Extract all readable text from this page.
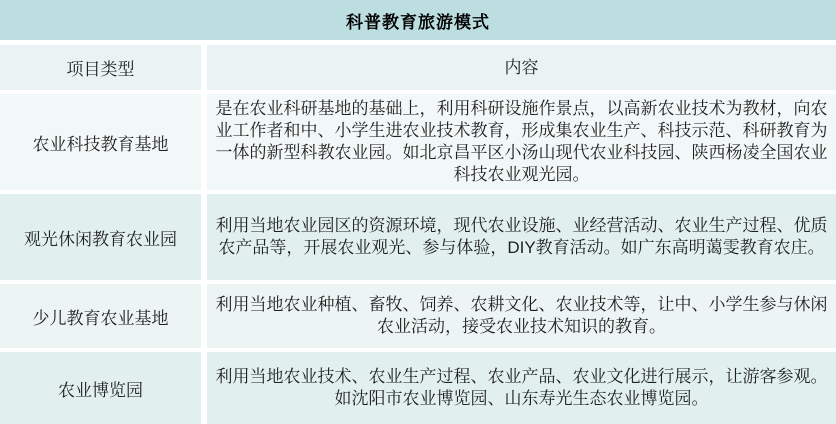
科普教育旅游模式
项目类型	内容
农业科技教育基地
是在农业科研基地的基础上，利用科研设施作景点，以高新农业技术为教材，向农业工作者和中、小学生进农业技术教育，形成集农业生产、科技示范、科研教育为一体的新型科教农业园。如北京昌平区小汤山现代农业科技园、陕西杨凌全国农业科技农业观光园。
观光休闲教育农业园
利用当地农业园区的资源环境，现代农业设施、业经营活动、农业生产过程、优质农产品等，开展农业观光、参与体验，DIY教育活动。如广东高明蔼雯教育农庄。
少儿教育农业基地
利用当地农业种植、畜牧、饲养、农耕文化、农业技术等，让中、小学生参与休闲农业活动，接受农业技术知识的教育。
农业博览园
利用当地农业技术、农业生产过程、农业产品、农业文化进行展示，让游客参观。如沈阳市农业博览园、山东寿光生态农业博览园。
